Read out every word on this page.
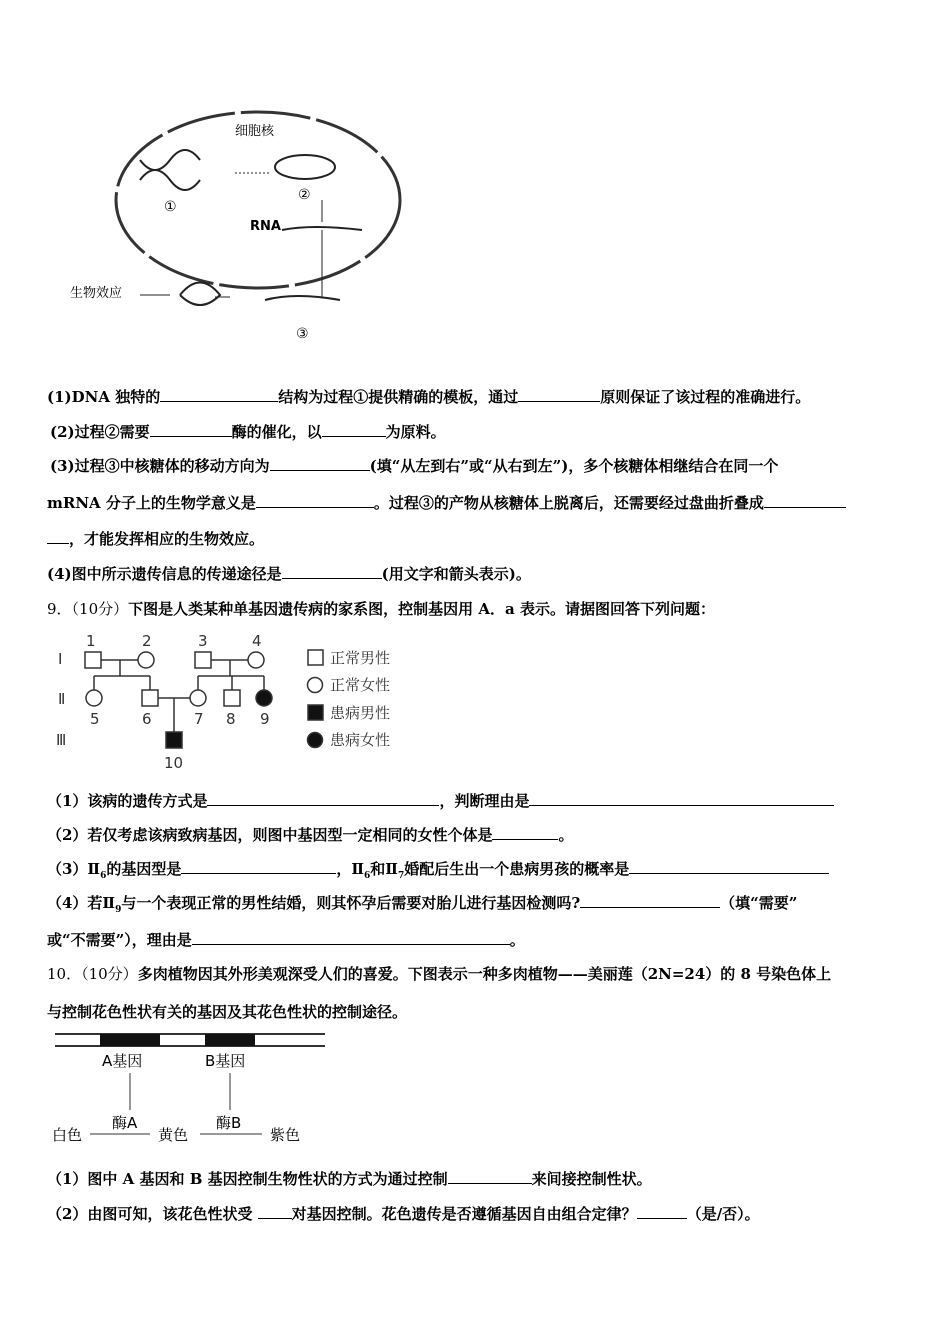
细胞核
①
②
RNA
③
生物效应
(1)DNA 独特的	结构为过程①提供精确的模板，通过	原则保证了该过程的准确进行。
(2)过程②需要	酶的催化，以	为原料。
(3)过程③中核糖体的移动方向为	(填“从左到右”或“从右到左”)，多个核糖体相继结合在同一个
mRNA 分子上的生物学意义是	。过程③的产物从核糖体上脱离后，还需要经过盘曲折叠成
，才能发挥相应的生物效应。
(4)图中所示遗传信息的传递途径是	(用文字和箭头表示)。
9．（10分）下图是人类某种单基因遗传病的家系图，控制基因用 A．a 表示。请据图回答下列问题：
Ⅰ
Ⅱ
Ⅲ
1	2	3	4
5	6	7 8 9
10
正常男性
正常女性
患病男性
患病女性
（1）该病的遗传方式是	，判断理由是
（2）若仅考虑该病致病基因，则图中基因型一定相同的女性个体是	。
$(3)Ⅱ_6$的基因型是	，$Ⅱ_6$和$Ⅱ_7$婚配后生出一个患病男孩的概率是
（4）若$Ⅱ_9$与一个表现正常的男性结婚，则其怀孕后需要对胎儿进行基因检测吗?	（填“需要”
或“不需要”），理由是	。
10．（10分）多肉植物因其外形美观深受人们的喜爱。下图表示一种多肉植物——美丽莲（2N=24）的 8 号染色体上
与控制花色性状有关的基因及其花色性状的控制途径。
A基因	B基因
白色
酶A
黄色
酶B
紫色
（1）图中 A 基因和 B 基因控制生物性状的方式为通过控制	来间接控制性状。
（2）由图可知，该花色性状受 对基因控制。花色遗传是否遵循基因自由组合定律？	（是/否）。
